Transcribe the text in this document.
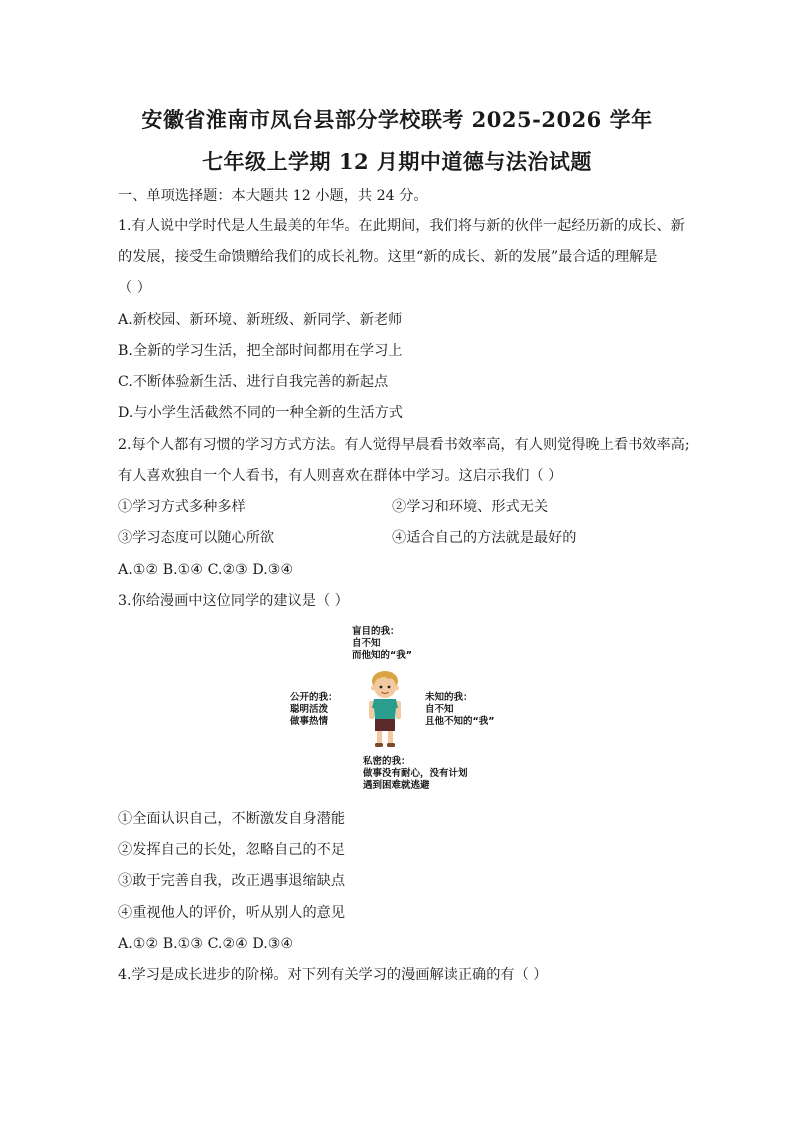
安徽省淮南市凤台县部分学校联考 2025-2026 学年
七年级上学期 12 月期中道德与法治试题
一、单项选择题：本大题共 12 小题，共 24 分。
1.有人说中学时代是人生最美的年华。在此期间，我们将与新的伙伴一起经历新的成长、新
的发展，接受生命馈赠给我们的成长礼物。这里“新的成长、新的发展”最合适的理解是
（ ）
A.新校园、新环境、新班级、新同学、新老师
B.全新的学习生活，把全部时间都用在学习上
C.不断体验新生活、进行自我完善的新起点
D.与小学生活截然不同的一种全新的生活方式
2.每个人都有习惯的学习方式方法。有人觉得早晨看书效率高，有人则觉得晚上看书效率高;
有人喜欢独自一个人看书，有人则喜欢在群体中学习。这启示我们（ ）
①学习方式多种多样	②学习和环境、形式无关
③学习态度可以随心所欲	④适合自己的方法就是最好的
A.①② B.①④ C.②③ D.③④
3.你给漫画中这位同学的建议是（ ）
盲目的我：
自不知
而他知的“我”
公开的我：
聪明活泼
做事热情
未知的我：
自不知
且他不知的“我”
私密的我：
做事没有耐心，没有计划
遇到困难就逃避
①全面认识自己，不断激发自身潜能
②发挥自己的长处，忽略自己的不足
③敢于完善自我，改正遇事退缩缺点
④重视他人的评价，听从别人的意见
A.①② B.①③ C.②④ D.③④
4.学习是成长进步的阶梯。对下列有关学习的漫画解读正确的有（ ）
